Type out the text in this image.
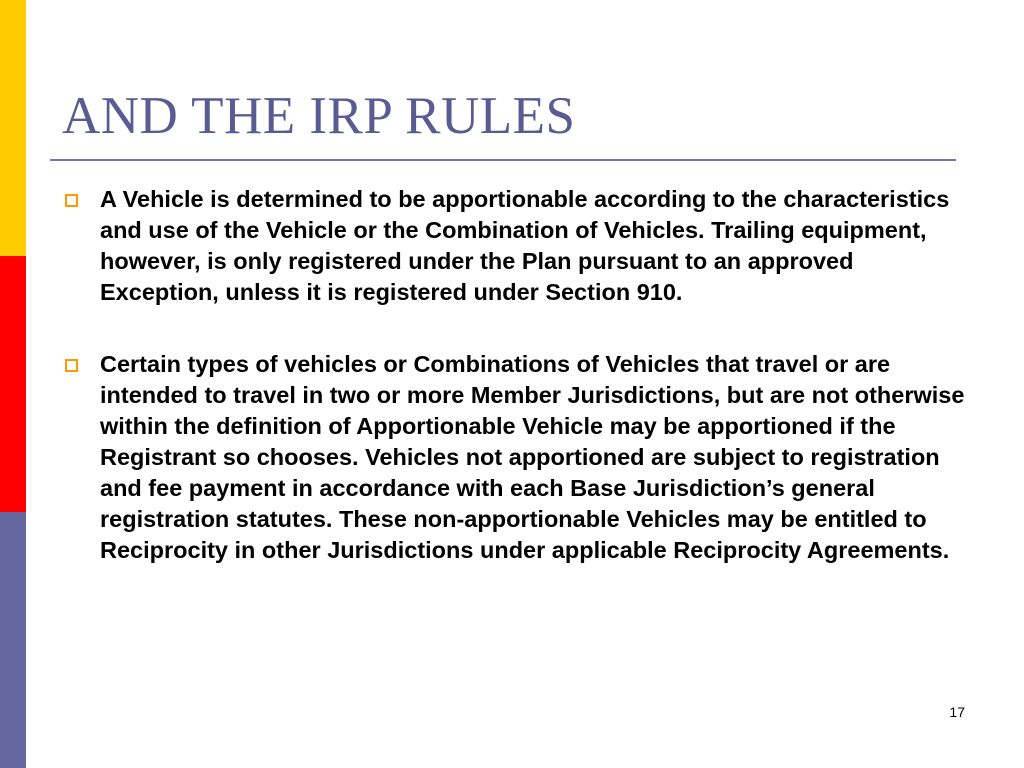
AND THE IRP RULES
A Vehicle is determined to be apportionable according to the characteristics and use of the Vehicle or the Combination of Vehicles. Trailing equipment, however, is only registered under the Plan pursuant to an approved Exception, unless it is registered under Section 910.
Certain types of vehicles or Combinations of Vehicles that travel or are intended to travel in two or more Member Jurisdictions, but are not otherwise within the definition of Apportionable Vehicle may be apportioned if the Registrant so chooses. Vehicles not apportioned are subject to registration and fee payment in accordance with each Base Jurisdiction’s general registration statutes. These non-apportionable Vehicles may be entitled to Reciprocity in other Jurisdictions under applicable Reciprocity Agreements.
17
